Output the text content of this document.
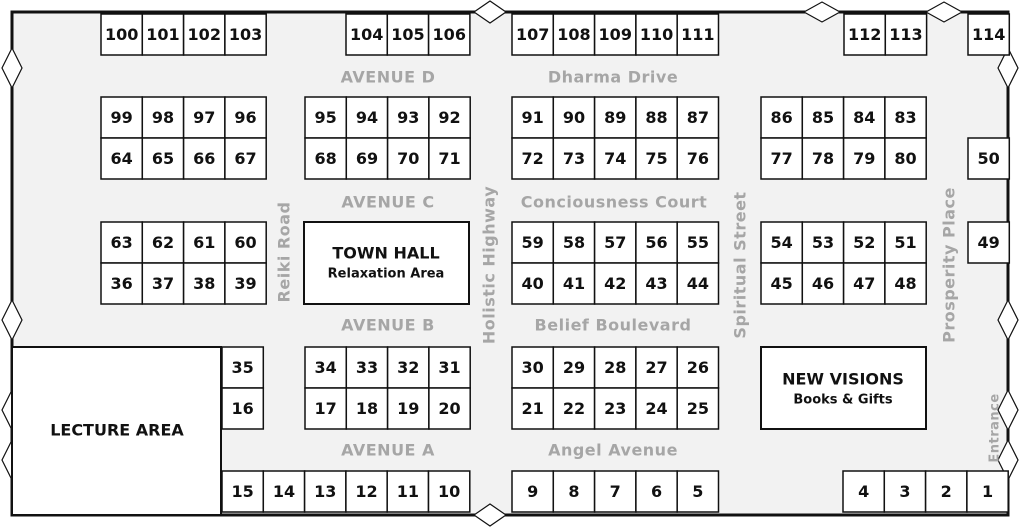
LECTURE AREA
TOWN HALL
Relaxation Area
NEW VISIONS
Books & Gifts
100 101 102 103	104 105 106	107 108 109 110 111	112 113	114
99 98 97 96
64 65 66 67
95 94 93 92
68 69 70 71
91 90 89 88 87
72 73 74 75 76
86 85 84 83
77 78 79 80	50
63 62 61 60
36 37 38 39
59 58 57 56 55
40 41 42 43 44
54 53 52 51
45 46 47 48
49
35
16
34 33 32 31
17 18 19 20
30 29 28 27 26
21 22 23 24 25
15 14 13 12 11 10	9 8 7 6 5	4 3 2 1
AVENUE D	Dharma Drive
AVENUE C	Conciousness Court
AVENUE B	Belief Boulevard
AVENUE A	Angel Avenue
Reiki Road	Holistic Highway	Spiritual Street	Prosperity Place
Entrance
